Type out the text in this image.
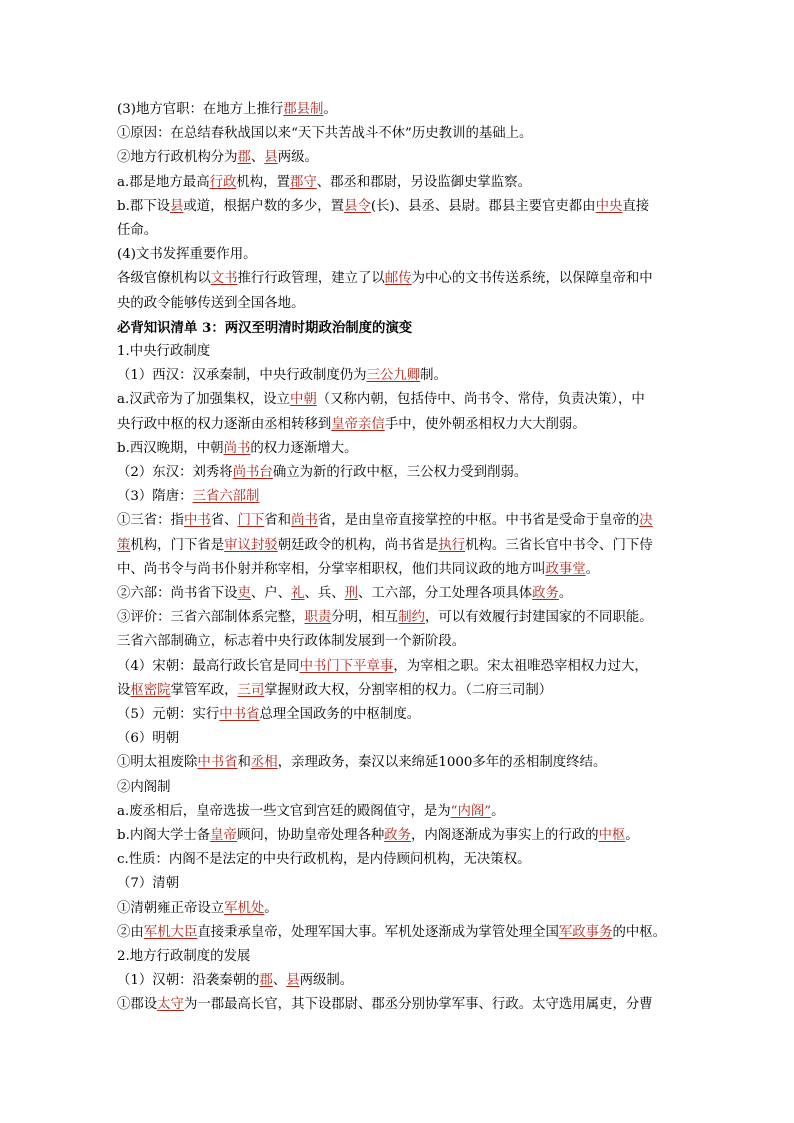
(3)地方官职：在地方上推行郡县制。
①原因：在总结春秋战国以来“天下共苦战斗不休”历史教训的基础上。
②地方行政机构分为郡、县两级。
a.郡是地方最高行政机构，置郡守、郡丞和郡尉，另设监御史掌监察。
b.郡下设县或道，根据户数的多少，置县令(长)、县丞、县尉。郡县主要官吏都由中央直接
任命。
(4)文书发挥重要作用。
各级官僚机构以文书推行行政管理，建立了以邮传为中心的文书传送系统，以保障皇帝和中
央的政令能够传送到全国各地。
必背知识清单 3：两汉至明清时期政治制度的演变
1.中央行政制度
（1）西汉：汉承秦制，中央行政制度仍为三公九卿制。
a.汉武帝为了加强集权，设立中朝（又称内朝，包括侍中、尚书令、常侍，负责决策），中
央行政中枢的权力逐渐由丞相转移到皇帝亲信手中，使外朝丞相权力大大削弱。
b.西汉晚期，中朝尚书的权力逐渐增大。
（2）东汉：刘秀将尚书台确立为新的行政中枢，三公权力受到削弱。
（3）隋唐：三省六部制
①三省：指中书省、门下省和尚书省，是由皇帝直接掌控的中枢。中书省是受命于皇帝的决
策机构，门下省是审议封驳朝廷政令的机构，尚书省是执行机构。三省长官中书令、门下侍
中、尚书令与尚书仆射并称宰相，分掌宰相职权，他们共同议政的地方叫政事堂。
②六部：尚书省下设吏、户、礼、兵、刑、工六部，分工处理各项具体政务。
③评价：三省六部制体系完整，职责分明，相互制约，可以有效履行封建国家的不同职能。
三省六部制确立，标志着中央行政体制发展到一个新阶段。
（4）宋朝：最高行政长官是同中书门下平章事，为宰相之职。宋太祖唯恐宰相权力过大，
设枢密院掌管军政，三司掌握财政大权，分割宰相的权力。（二府三司制）
（5）元朝：实行中书省总理全国政务的中枢制度。
（6）明朝
①明太祖废除中书省和丞相，亲理政务，秦汉以来绵延1000多年的丞相制度终结。
②内阁制
a.废丞相后，皇帝选拔一些文官到宫廷的殿阁值守，是为“内阁”。
b.内阁大学士备皇帝顾问，协助皇帝处理各种政务，内阁逐渐成为事实上的行政的中枢。
c.性质：内阁不是法定的中央行政机构，是内侍顾问机构，无决策权。
（7）清朝
①清朝雍正帝设立军机处。
②由军机大臣直接秉承皇帝，处理军国大事。军机处逐渐成为掌管处理全国军政事务的中枢。
2.地方行政制度的发展
（1）汉朝：沿袭秦朝的郡、县两级制。
①郡设太守为一郡最高长官，其下设郡尉、郡丞分别协掌军事、行政。太守选用属吏，分曹
